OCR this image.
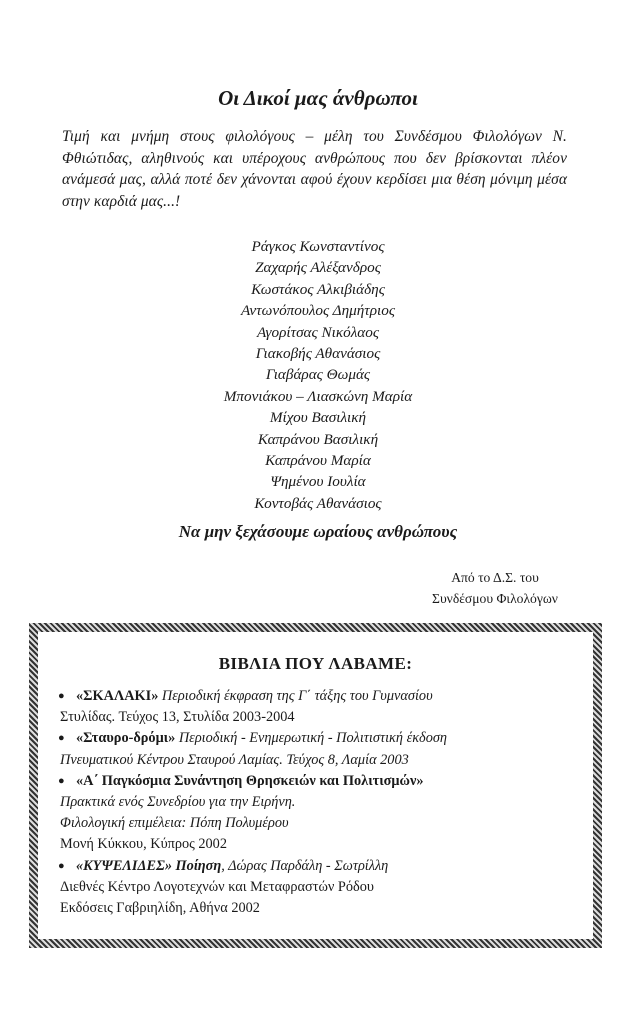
Οι Δικοί μας άνθρωποι
Τιμή και μνήμη στους φιλολόγους – μέλη του Συνδέσμου Φιλολόγων Ν. Φθιώτιδας, αληθινούς και υπέροχους ανθρώπους που δεν βρίσκονται πλέον ανάμεσά μας, αλλά ποτέ δεν χάνονται αφού έχουν κερδίσει μια θέση μόνιμη μέσα στην καρδιά μας...!
Ράγκος Κωνσταντίνος
Ζαχαρής Αλέξανδρος
Κωστάκος Αλκιβιάδης
Αντωνόπουλος Δημήτριος
Αγορίτσας Νικόλαος
Γιακοβής Αθανάσιος
Γιαβάρας Θωμάς
Μπονιάκου – Λιασκώνη Μαρία
Μίχου Βασιλική
Καπράνου Βασιλική
Καπράνου Μαρία
Ψημένου Ιουλία
Κοντοβάς Αθανάσιος
Να μην ξεχάσουμε ωραίους ανθρώπους
Από το Δ.Σ. του
Συνδέσμου Φιλολόγων
ΒΙΒΛΙΑ ΠΟΥ ΛΑΒΑΜΕ:
● «ΣΚΑΛΑΚΙ» Περιοδική έκφραση της Γ΄ τάξης του Γυμνασίου
Στυλίδας. Τεύχος 13, Στυλίδα 2003-2004
● «Σταυρο-δρόμι» Περιοδική - Ενημερωτική - Πολιτιστική έκδοση
Πνευματικού Κέντρου Σταυρού Λαμίας. Τεύχος 8, Λαμία 2003
● «Α΄ Παγκόσμια Συνάντηση Θρησκειών και Πολιτισμών»
Πρακτικά ενός Συνεδρίου για την Ειρήνη.
Φιλολογική επιμέλεια: Πόπη Πολυμέρου
Μονή Κύκκου, Κύπρος 2002
● «ΚΥΨΕΛΙΔΕΣ» Ποίηση, Δώρας Παρδάλη - Σωτρίλλη
Διεθνές Κέντρο Λογοτεχνών και Μεταφραστών Ρόδου
Εκδόσεις Γαβριηλίδη, Αθήνα 2002
